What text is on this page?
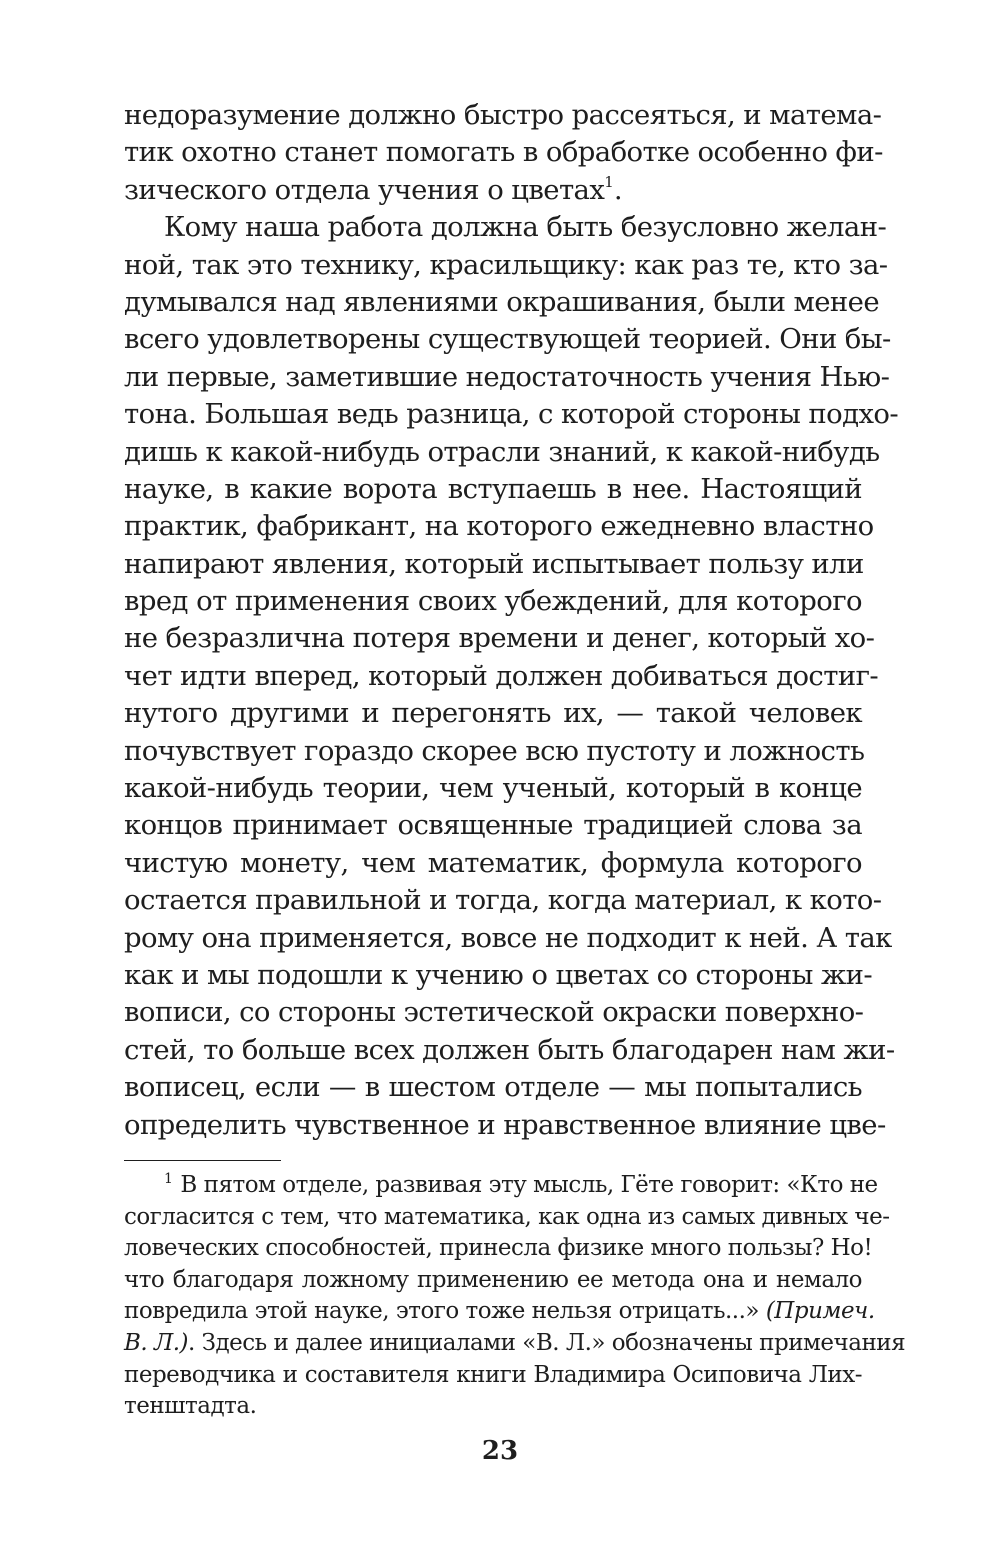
недоразумение должно быстро рассеяться, и матема-
тик охотно станет помогать в обработке особенно фи-
зического отдела учения о цветах$^1$.
Кому наша работа должна быть безусловно желан-
ной, так это технику, красильщику: как раз те, кто за-
думывался над явлениями окрашивания, были менее
всего удовлетворены существующей теорией. Они бы-
ли первые, заметившие недостаточность учения Нью-
тона. Большая ведь разница, с которой стороны подхо-
дишь к какой-нибудь отрасли знаний, к какой-нибудь
науке, в какие ворота вступаешь в нее. Настоящий
практик, фабрикант, на которого ежедневно властно
напирают явления, который испытывает пользу или
вред от применения своих убеждений, для которого
не безразлична потеря времени и денег, который хо-
чет идти вперед, который должен добиваться достиг-
нутого другими и перегонять их, — такой человек
почувствует гораздо скорее всю пустоту и ложность
какой-нибудь теории, чем ученый, который в конце
концов принимает освященные традицией слова за
чистую монету, чем математик, формула которого
остается правильной и тогда, когда материал, к кото-
рому она применяется, вовсе не подходит к ней. А так
как и мы подошли к учению о цветах со стороны жи-
вописи, со стороны эстетической окраски поверхно-
стей, то больше всех должен быть благодарен нам жи-
вописец, если — в шестом отделе — мы попытались
определить чувственное и нравственное влияние цве-
$^1$ В пятом отделе, развивая эту мысль, Гёте говорит: «Кто не
согласится с тем, что математика, как одна из самых дивных че-
ловеческих способностей, принесла физике много пользы? Но!
что благодаря ложному применению ее метода она и немало
повредила этой науке, этого тоже нельзя отрицать...» (Примеч.
В. Л.). Здесь и далее инициалами «В. Л.» обозначены примечания
переводчика и составителя книги Владимира Осиповича Лих-
тенштадта.
23
